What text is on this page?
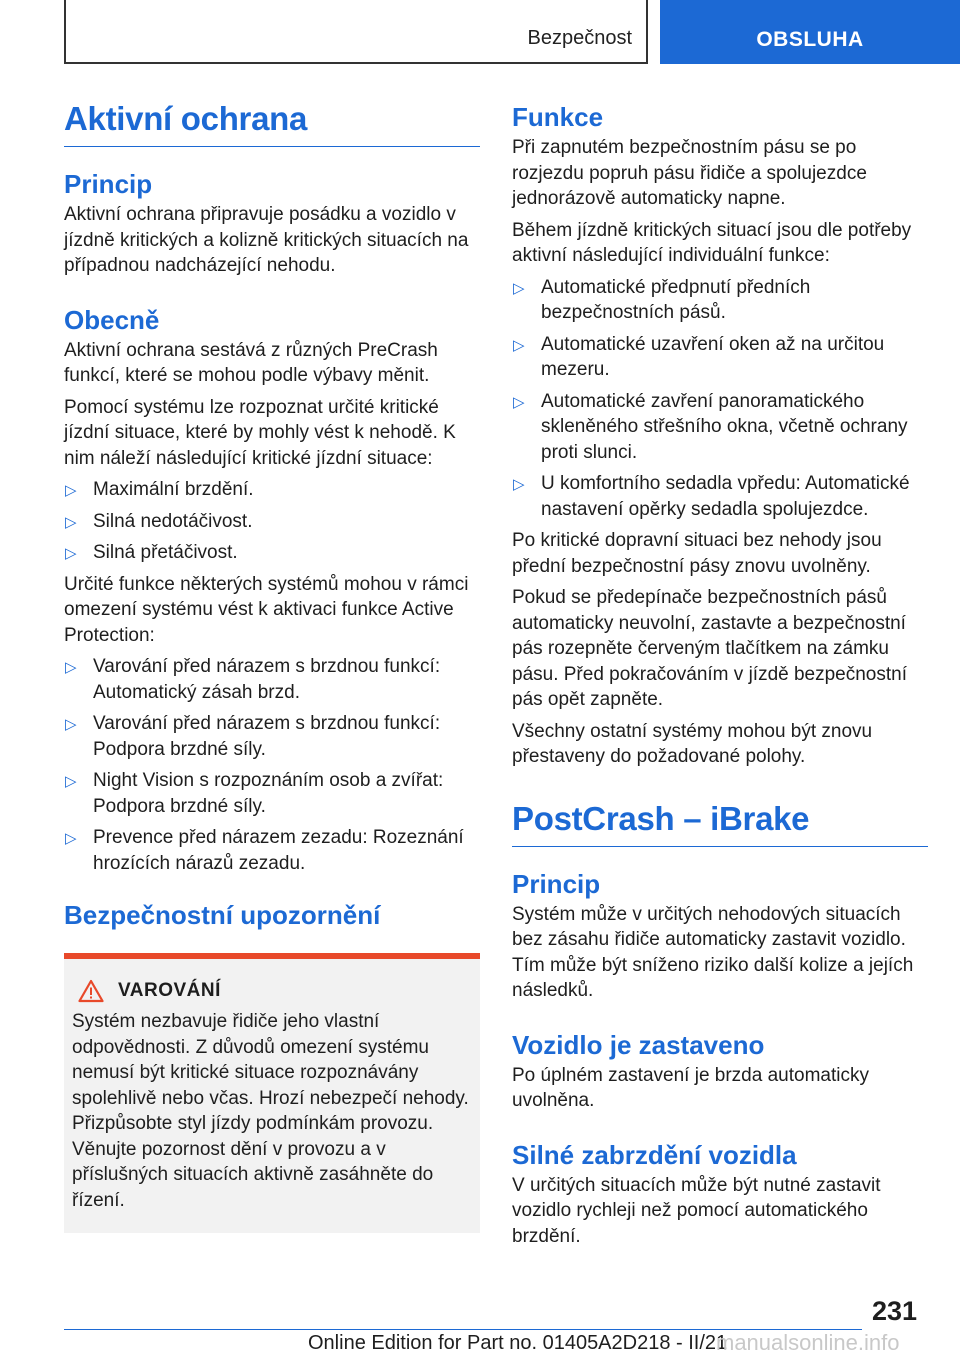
Bezpečnost	OBSLUHA
Aktivní ochrana
Princip

Aktivní ochrana připravuje posádku a vozidlo v jízdně kritických a kolizně kritických situacích na případnou nadcházející nehodu.

Obecně

Aktivní ochrana sestává z různých PreCrash funkcí, které se mohou podle výbavy měnit.

Pomocí systému lze rozpoznat určité kritické jízdní situace, které by mohly vést k nehodě. K nim náleží následující kritické jízdní situace:

▷ Maximální brzdění.
▷ Silná nedotáčivost.
▷ Silná přetáčivost.

Určité funkce některých systémů mohou v rámci omezení systému vést k aktivaci funkce Active Protection:

▷ Varování před nárazem s brzdnou funkcí: Automatický zásah brzd.
▷ Varování před nárazem s brzdnou funkcí: Podpora brzdné síly.
▷ Night Vision s rozpoznáním osob a zvířat: Podpora brzdné síly.
▷ Prevence před nárazem zezadu: Rozeznání hrozících nárazů zezadu.
Bezpečnostní upozornění
VAROVÁNÍ

Systém nezbavuje řidiče jeho vlastní odpovědnosti. Z důvodů omezení systému nemusí být kritické situace rozpoznávány spolehlivě nebo včas. Hrozí nebezpečí nehody. Přizpůsobte styl jízdy podmínkám provozu. Věnujte pozornost dění v provozu a v příslušných situacích aktivně zasáhněte do řízení.

Funkce

Při zapnutém bezpečnostním pásu se po rozjezdu popruh pásu řidiče a spolujezdce jednorázově automaticky napne.

Během jízdně kritických situací jsou dle potřeby aktivní následující individuální funkce:

▷ Automatické předpnutí předních bezpečnostních pásů.
▷ Automatické uzavření oken až na určitou mezeru.
▷ Automatické zavření panoramatického skleněného střešního okna, včetně ochrany proti slunci.
▷ U komfortního sedadla vpředu: Automatické nastavení opěrky sedadla spolujezdce.

Po kritické dopravní situaci bez nehody jsou přední bezpečnostní pásy znovu uvolněny.

Pokud se předepínače bezpečnostních pásů automaticky neuvolní, zastavte a bezpečnostní pás rozepněte červeným tlačítkem na zámku pásu. Před pokračováním v jízdě bezpečnostní pás opět zapněte.

Všechny ostatní systémy mohou být znovu přestaveny do požadované polohy.

PostCrash – iBrake
Princip

Systém může v určitých nehodových situacích bez zásahu řidiče automaticky zastavit vozidlo. Tím může být sníženo riziko další kolize a jejích následků.

Vozidlo je zastaveno

Po úplném zastavení je brzda automaticky uvolněna.

Silné zabrzdění vozidla

V určitých situacích může být nutné zastavit vozidlo rychleji než pomocí automatického brzdění.

231
Online Edition for Part no. 01405A2D218 - II/21
manualsonline.info
